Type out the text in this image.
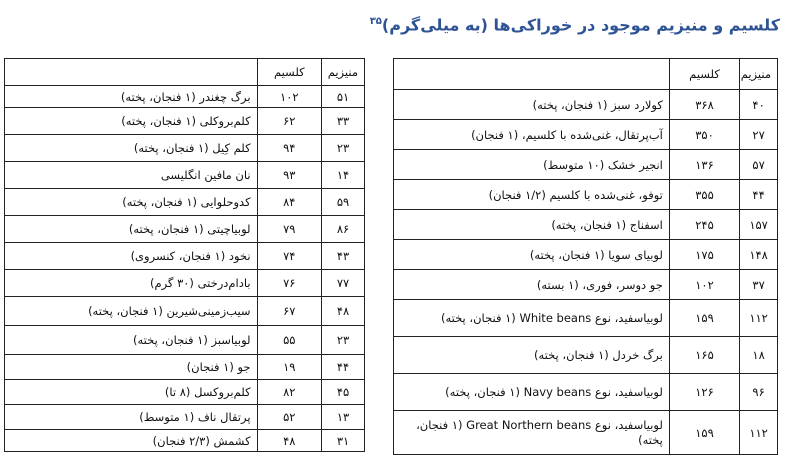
کلسیم و منیزیم موجود در خوراکی‌ها (به میلی‌گرم)$^{۳۵}$
منیزیم	کلسیم	
۴۰	۳۶۸	کولارد سبز (۱ فنجان، پخته)
۲۷	۳۵۰	آب‌پرتقال، غنی‌شده با کلسیم، (۱ فنجان)
۵۷	۱۳۶	انجیر خشک (۱۰ متوسط)
۴۴	۳۵۵	توفو، غنی‌شده با کلسیم (۱/۲ فنجان)
۱۵۷	۲۴۵	اسفناج (۱ فنجان، پخته)
۱۴۸	۱۷۵	لوبیای سویا (۱ فنجان، پخته)
۳۷	۱۰۲	جو دوسر، فوری، (۱ بسته)
۱۱۲	۱۵۹	لوبیاسفید، نوع White beans (۱ فنجان، پخته)
۱۸	۱۶۵	برگ خردل (۱ فنجان، پخته)
۹۶	۱۲۶	لوبیاسفید، نوع Navy beans (۱ فنجان، پخته)
۱۱۲	۱۵۹	لوبیاسفید، نوع Great Northern beans (۱ فنجان، پخته)
منیزیم	کلسیم	
۵۱	۱۰۲	برگ چغندر (۱ فنجان، پخته)
۳۳	۶۲	کلم‌بروکلی (۱ فنجان، پخته)
۲۳	۹۴	کلم کِیل (۱ فنجان، پخته)
۱۴	۹۳	نان مافین انگلیسی
۵۹	۸۴	کدوحلوایی (۱ فنجان، پخته)
۸۶	۷۹	لوبیاچیتی (۱ فنجان، پخته)
۴۳	۷۴	نخود (۱ فنجان، کنسروی)
۷۷	۷۶	بادام‌درختی (۳۰ گرم)
۴۸	۶۷	سیب‌زمینی‌شیرین (۱ فنجان، پخته)
۲۳	۵۵	لوبیاسبز (۱ فنجان، پخته)
۴۴	۱۹	جو (۱ فنجان)
۴۵	۸۲	کلم‌بروکسل (۸ تا)
۱۳	۵۲	پرتقال ناف (۱ متوسط)
۳۱	۴۸	کشمش (۲/۳ فنجان)
